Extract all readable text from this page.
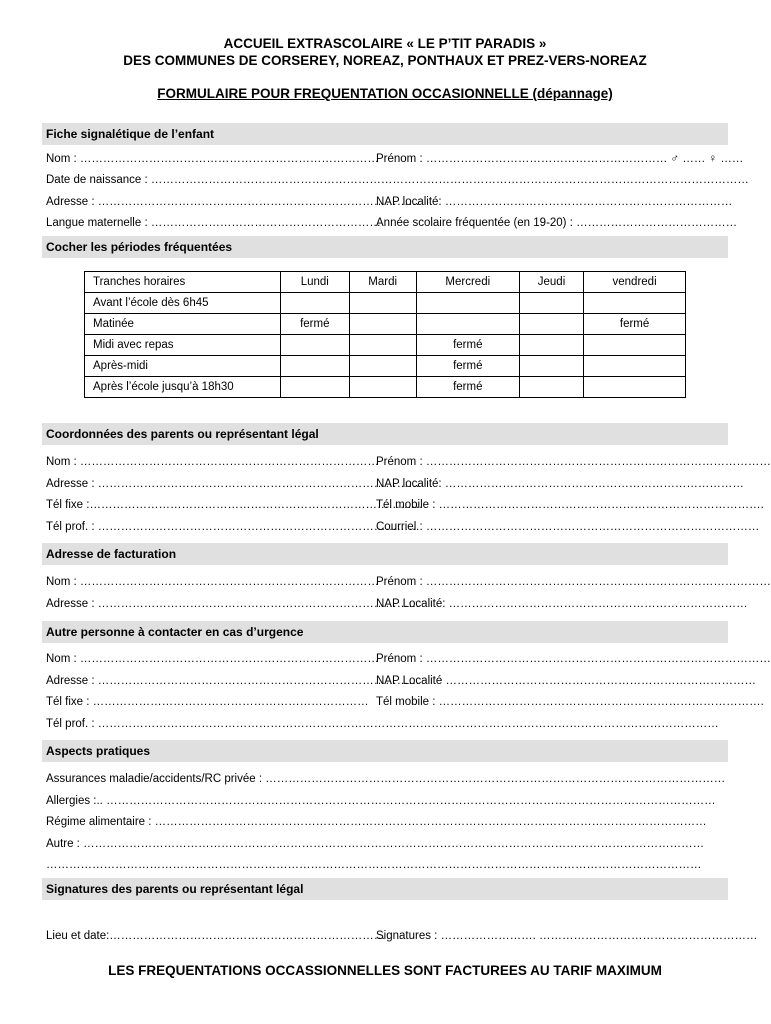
ACCUEIL EXTRASCOLAIRE « LE P’TIT PARADIS »
DES COMMUNES DE CORSEREY, NOREAZ, PONTHAUX ET PREZ-VERS-NOREAZ
FORMULAIRE POUR FREQUENTATION OCCASIONNELLE (dépannage)
Fiche signalétique de l’enfant
Nom : ……………………………………………………………………
Prénom : ……………………………………………………… ♂ …… ♀ ……
Date de naissance : …………………………………………………………………………………………………………………………………………
Adresse : …………………………………………………………………………
NAP localité: …………………………………………………………………
Langue maternelle : ……………………………………………………
Année scolaire fréquentée (en 19-20) : ……………………………………
Cocher les périodes fréquentées
Tranches horaires	Lundi	Mardi	Mercredi	Jeudi	vendredi
Avant l’école dès 6h45					
Matinée	fermé				fermé
Midi avec repas			fermé		
Après-midi			fermé		
Après l’école jusqu’à 18h30			fermé		
Coordonnées des parents ou représentant légal
Nom : ……………………………………………………………………
Prénom : ………………………………………………………………………………
Adresse : …………………………………………………………………………
NAP localité: ……………………………………………………………………
Tél fixe :……………………………………………………………………………
Tél mobile : ………………………………………………………………………….
Tél prof. : …………………………………………………………………………
Courriel : ……………………………………………………………………………
Adresse de facturation
Nom : ……………………………………………………………………
Prénom : ………………………………………………………………………………
Adresse : …………………………………………………………………………
NAP Localité: ……………………………………………………………………
Autre personne à contacter en cas d’urgence
Nom : ……………………………………………………………………
Prénom : ………………………………………………………………………………
Adresse : …………………………………………………………………………
NAP Localité ………………………………………………………………………
Tél fixe : ……………………………………………………………… Tél mobile : ………………………………………………………………………….
Tél prof. : ………………………………………………………………………………………………………………………………………………
Aspects pratiques
Assurances maladie/accidents/RC privée : …………………………………………………………………………………………………………
Allergies :.. ……………………………………………………………………………………………………………………………………………
Régime alimentaire : ………………………………………………………………………………………………………………………………
Autre : ………………………………………………………………………………………………………………………………………………
………………………………………………………………………………………………………………………………………………………
Signatures des parents ou représentant légal
Lieu et date:………………………………………………………………
Signatures : ……………………. …………………………………………………
LES FREQUENTATIONS OCCASSIONNELLES SONT FACTUREES AU TARIF MAXIMUM
